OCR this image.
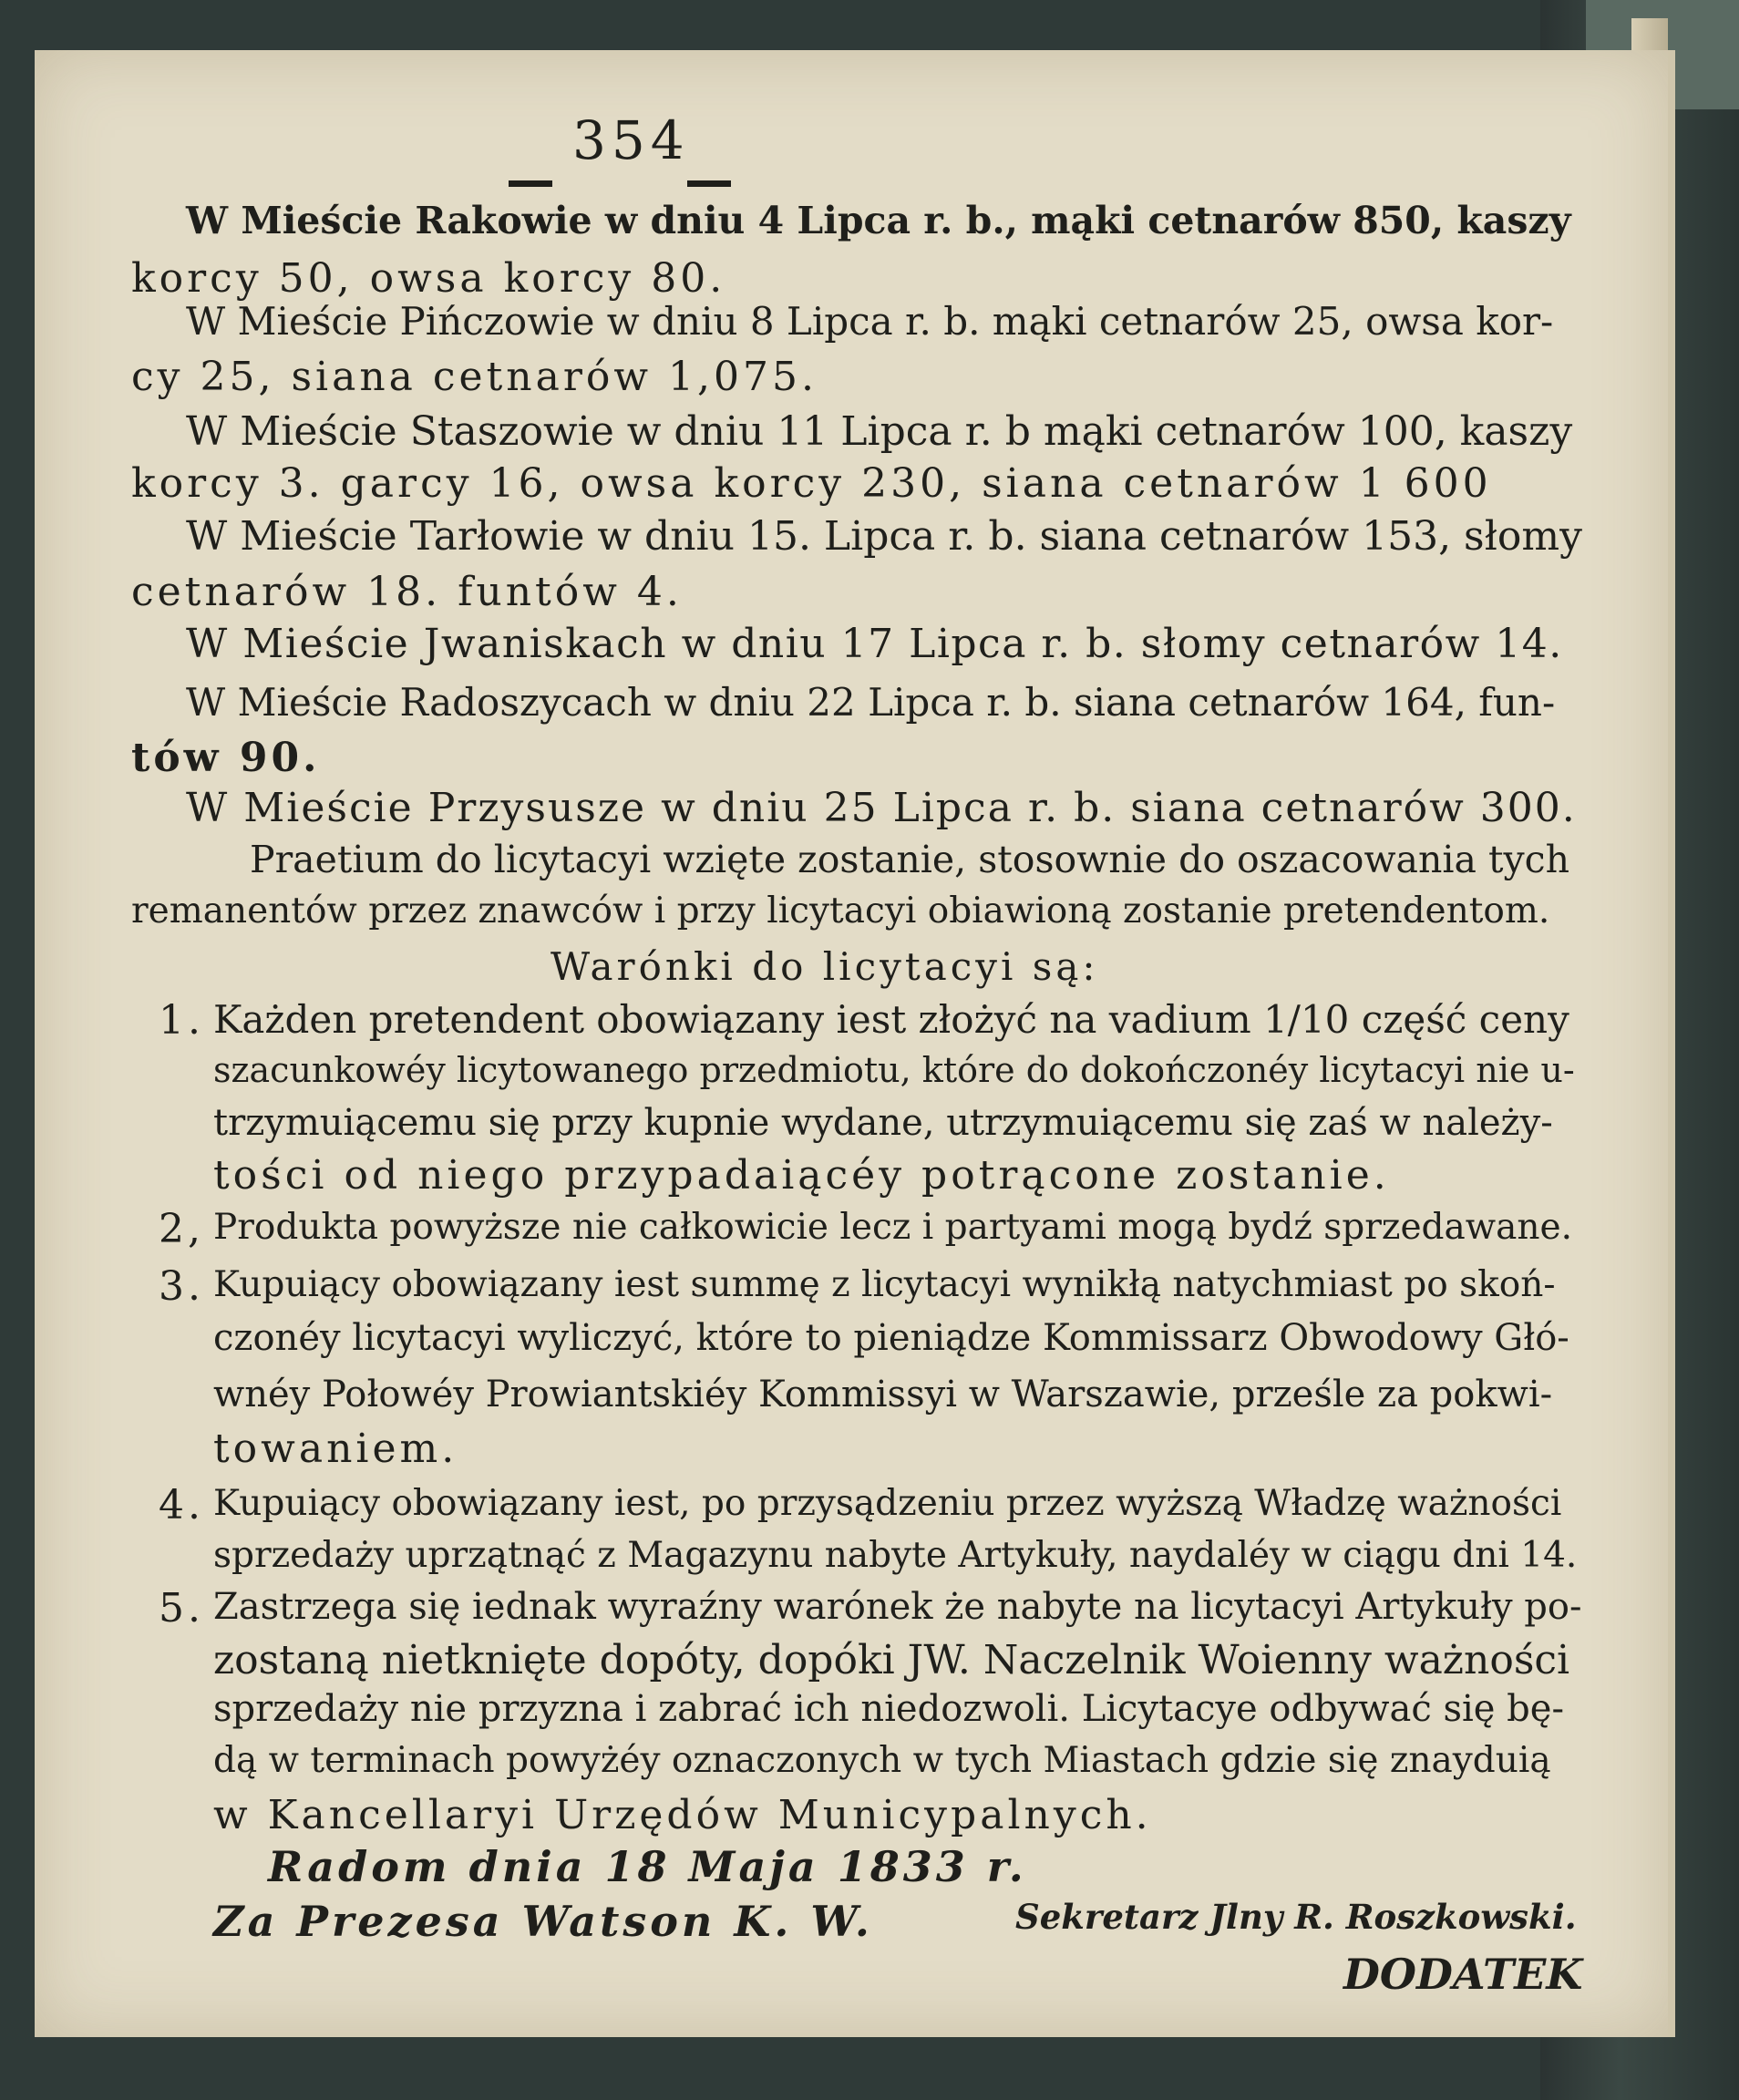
354
W Mieście Rakowie w dniu 4 Lipca r. b., mąki cetnarów 850, kaszy
korcy 50, owsa korcy 80.
W Mieście Pińczowie w dniu 8 Lipca r. b. mąki cetnarów 25, owsa kor-
cy 25, siana cetnarów 1,075.
W Mieście Staszowie w dniu 11 Lipca r. b mąki cetnarów 100, kaszy
korcy 3. garcy 16, owsa korcy 230, siana cetnarów 1 600
W Mieście Tarłowie w dniu 15. Lipca r. b. siana cetnarów 153, słomy
cetnarów 18. funtów 4.
W Mieście Jwaniskach w dniu 17 Lipca r. b. słomy cetnarów 14.
W Mieście Radoszycach w dniu 22 Lipca r. b. siana cetnarów 164, fun-
tów 90.
W Mieście Przysusze w dniu 25 Lipca r. b. siana cetnarów 300.
Praetium do licytacyi wzięte zostanie, stosownie do oszacowania tych
remanentów przez znawców i przy licytacyi obiawioną zostanie pretendentom.
Warónki do licytacyi są:
1. Każden pretendent obowiązany iest złożyć na vadium 1/10 część ceny
szacunkowéy licytowanego przedmiotu, które do dokończonéy licytacyi nie u-
trzymuiącemu się przy kupnie wydane, utrzymuiącemu się zaś w należy-
tości od niego przypadaiącéy potrącone zostanie.
2, Produkta powyższe nie całkowicie lecz i partyami mogą bydź sprzedawane.
3. Kupuiący obowiązany iest summę z licytacyi wynikłą natychmiast po skoń-
czonéy licytacyi wyliczyć, które to pieniądze Kommissarz Obwodowy Głó-
wnéy Połowéy Prowiantskiéy Kommissyi w Warszawie, prześle za pokwi-
towaniem.
4. Kupuiący obowiązany iest, po przysądzeniu przez wyższą Władzę ważności
sprzedaży uprzątnąć z Magazynu nabyte Artykuły, naydaléy w ciągu dni 14.
5. Zastrzega się iednak wyraźny warónek że nabyte na licytacyi Artykuły po-
zostaną nietknięte dopóty, dopóki JW. Naczelnik Woienny ważności
sprzedaży nie przyzna i zabrać ich niedozwoli. Licytacye odbywać się bę-
dą w terminach powyżéy oznaczonych w tych Miastach gdzie się znayduią
w Kancellaryi Urzędów Municypalnych.
Radom dnia 18 Maja 1833 r.
Za Prezesa Watson K. W.	Sekretarz Jlny R. Roszkowski.
DODATEK
